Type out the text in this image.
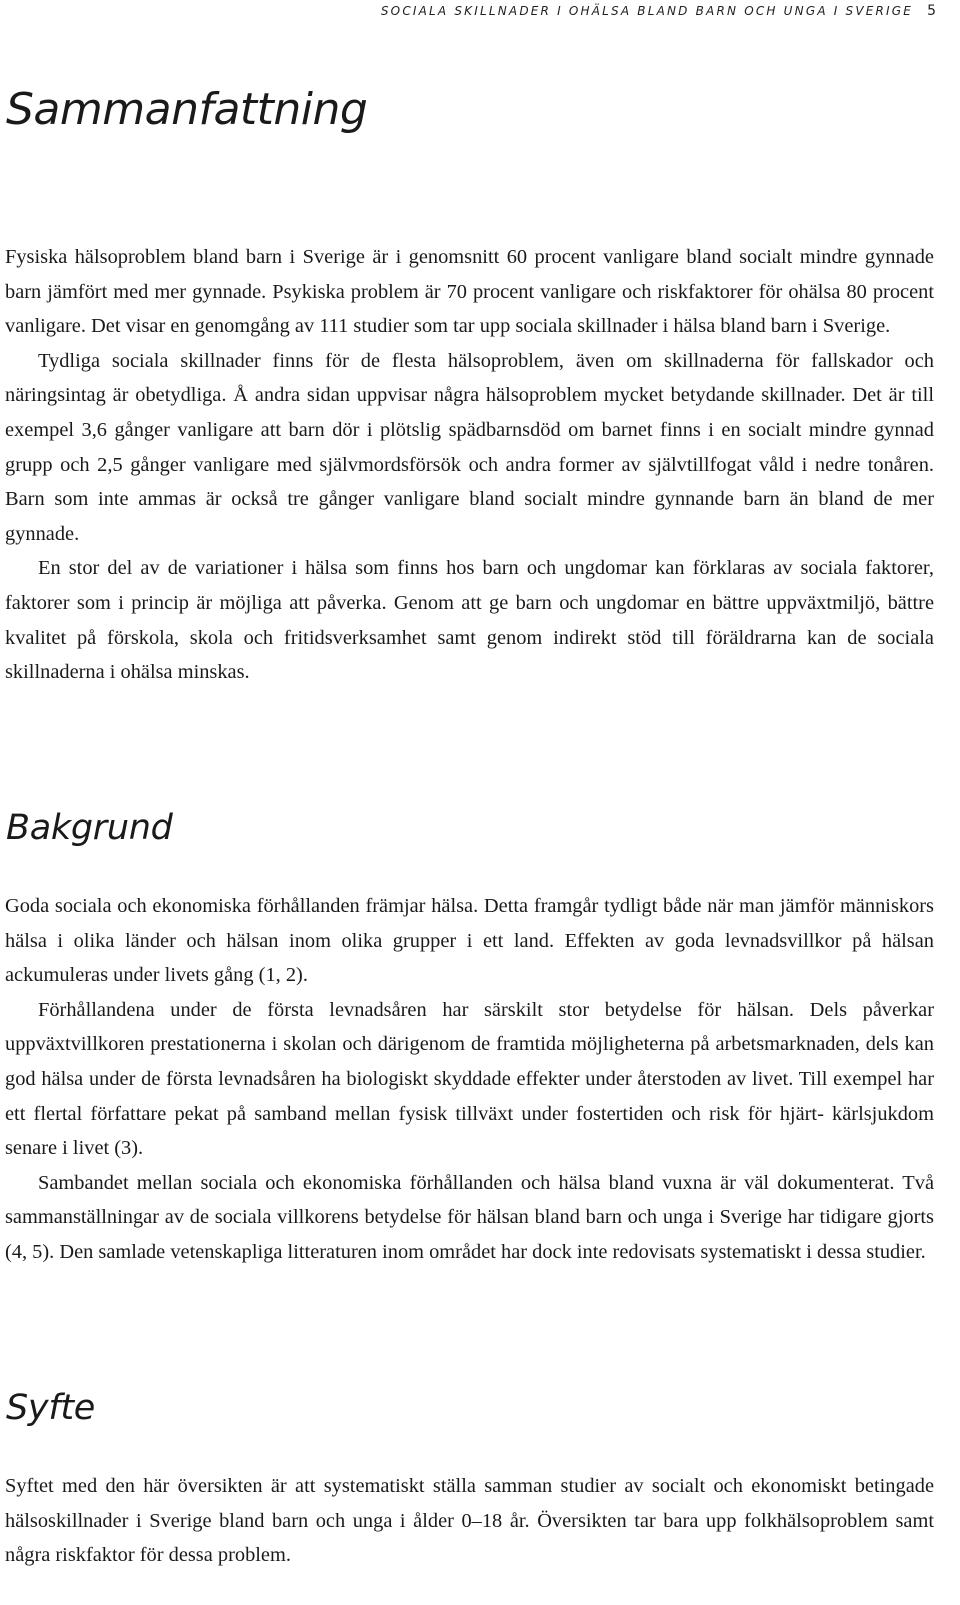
SOCIALA SKILLNADER I OHÄLSA BLAND BARN OCH UNGA I SVERIGE 5
Sammanfattning

Fysiska hälsoproblem bland barn i Sverige är i genomsnitt 60 procent vanligare bland socialt mindre gynnade barn jämfört med mer gynnade. Psykiska problem är 70 procent vanligare och riskfaktorer för ohälsa 80 procent vanligare. Det visar en genomgång av 111 studier som tar upp sociala skillnader i hälsa bland barn i Sverige.

Tydliga sociala skillnader finns för de flesta hälsoproblem, även om skillnaderna för fallskador och näringsintag är obetydliga. Å andra sidan uppvisar några hälsoproblem mycket betydande skillnader. Det är till exempel 3,6 gånger vanligare att barn dör i plötslig spädbarnsdöd om barnet finns i en socialt mindre gynnad grupp och 2,5 gånger vanligare med självmordsförsök och andra former av självtillfogat våld i nedre tonåren. Barn som inte ammas är också tre gånger vanligare bland socialt mindre gynnande barn än bland de mer gynnade.

En stor del av de variationer i hälsa som finns hos barn och ungdomar kan förklaras av sociala faktorer, faktorer som i princip är möjliga att påverka. Genom att ge barn och ungdomar en bättre uppväxtmiljö, bättre kvalitet på förskola, skola och fritidsverksamhet samt genom indirekt stöd till föräldrarna kan de sociala skillnaderna i ohälsa minskas.

Bakgrund

Goda sociala och ekonomiska förhållanden främjar hälsa. Detta framgår tydligt både när man jämför människors hälsa i olika länder och hälsan inom olika grupper i ett land. Effekten av goda levnadsvillkor på hälsan ackumuleras under livets gång (1, 2).

Förhållandena under de första levnadsåren har särskilt stor betydelse för hälsan. Dels påverkar uppväxtvillkoren prestationerna i skolan och därigenom de framtida möjligheterna på arbetsmarknaden, dels kan god hälsa under de första levnadsåren ha biologiskt skyddade effekter under återstoden av livet. Till exempel har ett flertal författare pekat på samband mellan fysisk tillväxt under fostertiden och risk för hjärt- kärlsjukdom senare i livet (3).

Sambandet mellan sociala och ekonomiska förhållanden och hälsa bland vuxna är väl dokumenterat. Två sammanställningar av de sociala villkorens betydelse för hälsan bland barn och unga i Sverige har tidigare gjorts (4, 5). Den samlade vetenskapliga litteraturen inom området har dock inte redovisats systematiskt i dessa studier.

Syfte

Syftet med den här översikten är att systematiskt ställa samman studier av socialt och ekonomiskt betingade hälsoskillnader i Sverige bland barn och unga i ålder 0–18 år. Översikten tar bara upp folkhälsoproblem samt några riskfaktor för dessa problem.
